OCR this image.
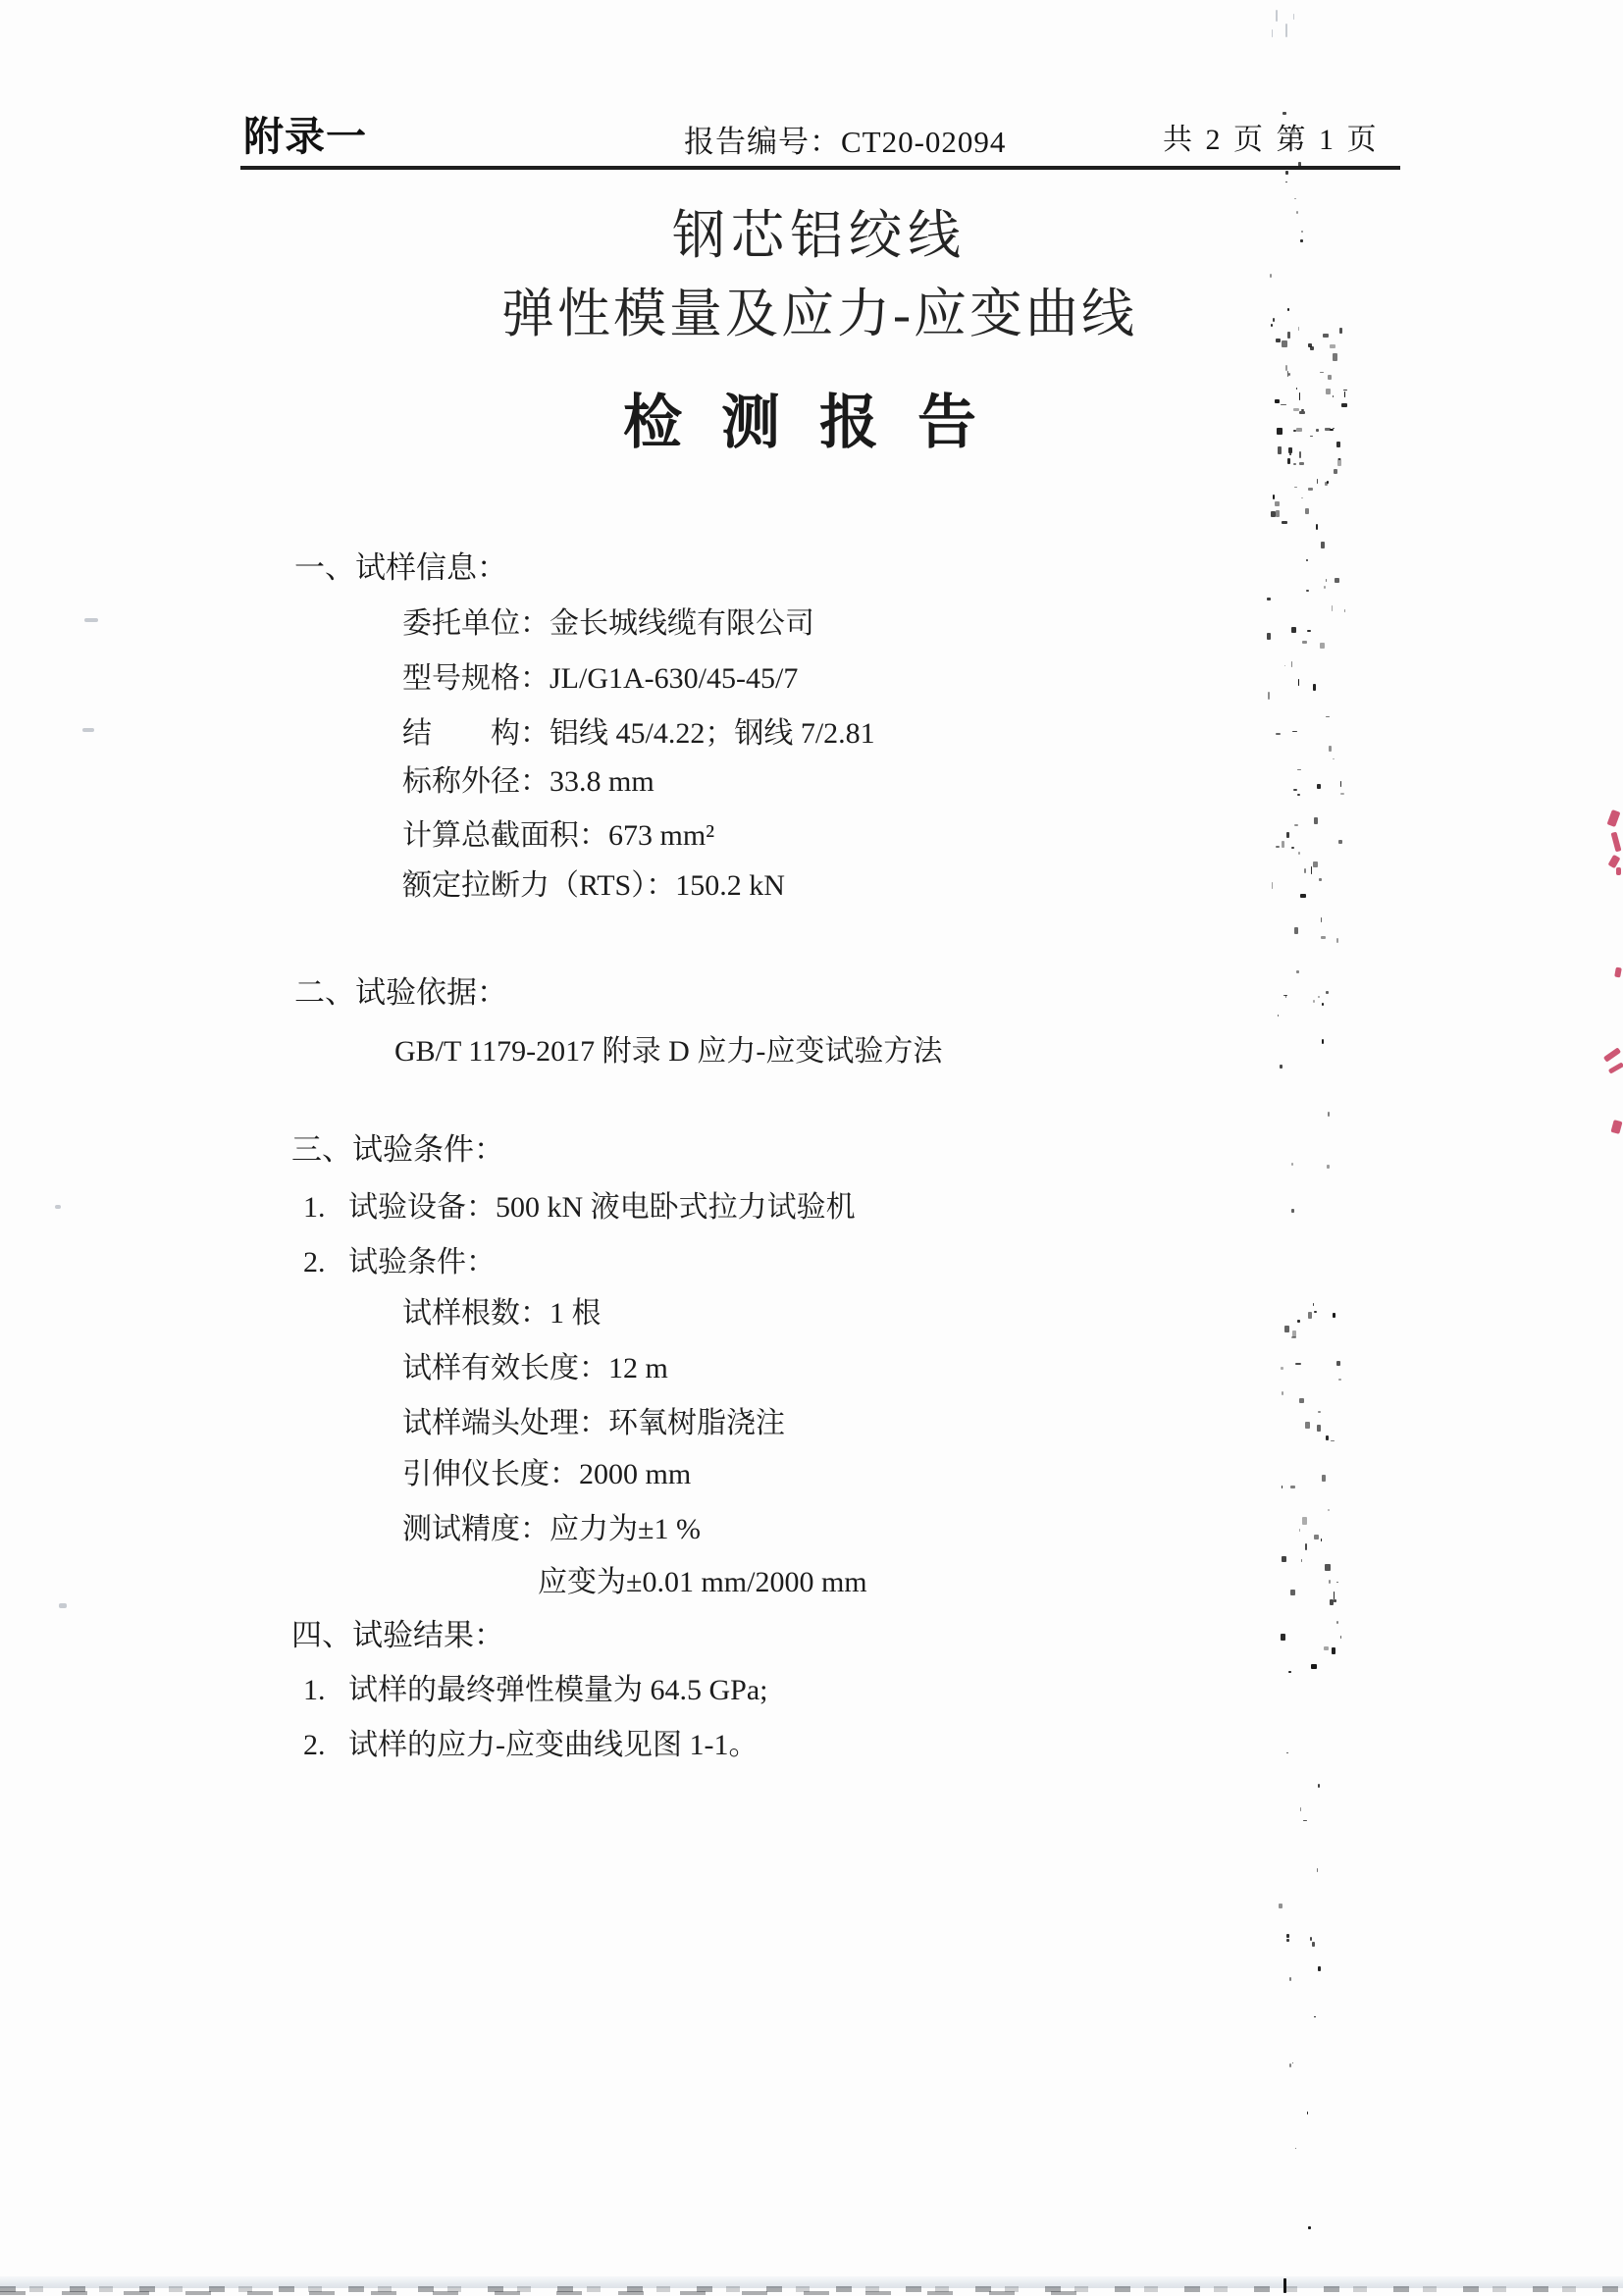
附录一	报告编号：CT20-02094	共 2 页 第 1 页
钢芯铝绞线
弹性模量及应力-应变曲线
检测报告
一、试样信息：
委托单位：金长城线缆有限公司
型号规格：JL/G1A-630/45-45/7
结　　构：铝线 45/4.22；钢线 7/2.81
标称外径：33.8 mm
计算总截面积：673 mm²
额定拉断力（RTS）：150.2 kN
二、试验依据：
GB/T 1179-2017 附录 D 应力-应变试验方法
三、试验条件：
1. 试验设备：500 kN 液电卧式拉力试验机
2. 试验条件：
试样根数：1 根
试样有效长度：12 m
试样端头处理：环氧树脂浇注
引伸仪长度：2000 mm
测试精度：应力为±1 %
应变为±0.01 mm/2000 mm
四、试验结果：
1. 试样的最终弹性模量为 64.5 GPa;
2. 试样的应力-应变曲线见图 1-1。
